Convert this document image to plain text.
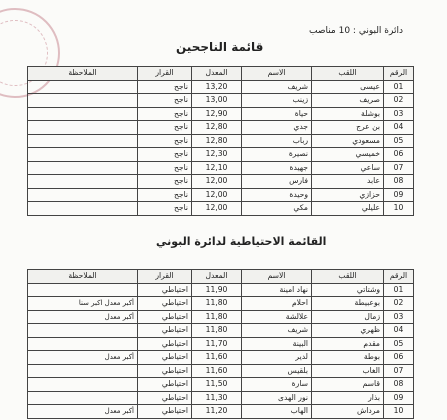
دائرة البوني : 10 مناصب
قائمة الناجحين
الرقم	اللقب	الاسم	المعدل	القرار	الملاحظة
01	عيسى	شريف	13,20	ناجح	
02	صريف	زينب	13,00	ناجح	
03	بوشلة	حياة	12,90	ناجح	
04	بن عرج	جدي	12,80	ناجح	
05	مسعودي	رباب	12,80	ناجح	
06	خميسي	نصيرة	12,30	ناجح	
07	ساعي	جهيدة	12,10	ناجح	
08	عابد	فارس	12,00	ناجح	
09	حزازي	وحيدة	12,00	ناجح	
10	عليلي	مكي	12,00	ناجح	
القائمة الاحتياطية لدائرة البوني
الرقم	اللقب	الاسم	المعدل	القرار	الملاحظة
01	وشتاتي	نهاد امينة	11,90	احتياطي	
02	بوعبيطة	احلام	11,80	احتياطي	أكبر معدل اكبر سنا
03	زمال	علالشة	11,80	احتياطي	أكبر معدل
04	ظهري	شريف	11,80	احتياطي	
05	مقدم	البينة	11,70	احتياطي	
06	بوطة	لدير	11,60	احتياطي	أكبر معدل
07	الغاب	بلقيس	11,60	احتياطي	
08	قاسم	سارة	11,50	احتياطي	
09	بذار	نور الهدى	11,30	احتياطي	
10	مرداش	الهاب	11,20	احتياطي	أكبر معدل
